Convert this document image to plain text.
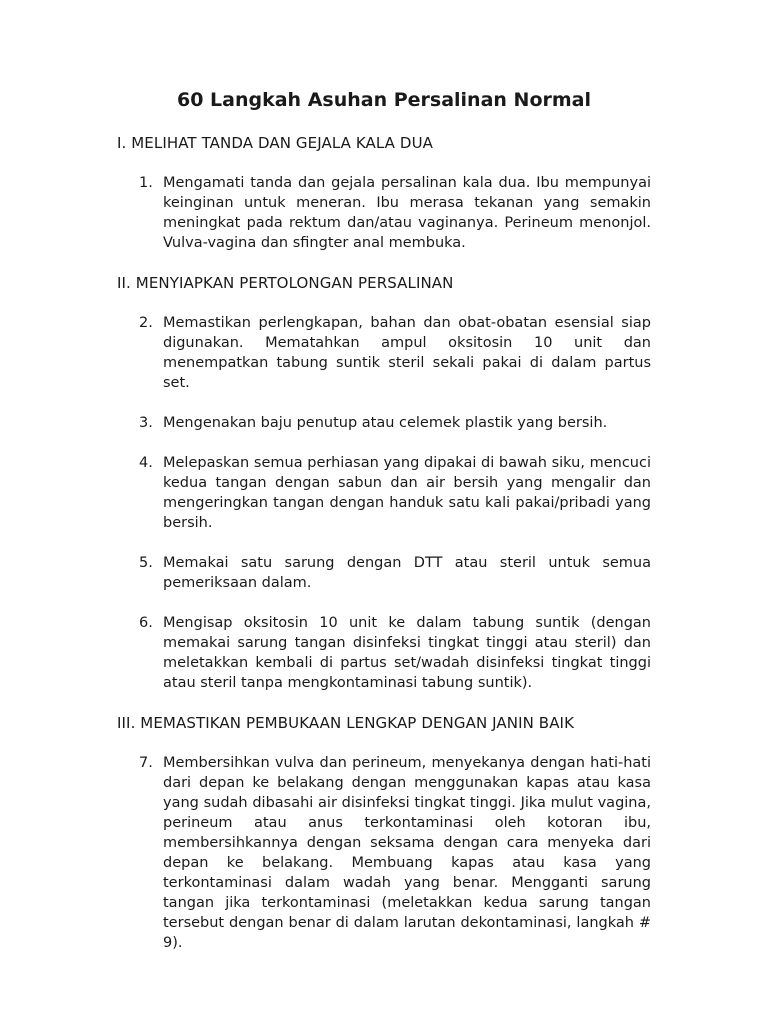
60 Langkah Asuhan Persalinan Normal
I. MELIHAT TANDA DAN GEJALA KALA DUA
1. Mengamati tanda dan gejala persalinan kala dua. Ibu mempunyai keinginan untuk meneran. Ibu merasa tekanan yang semakin meningkat pada rektum dan/atau vaginanya. Perineum menonjol. Vulva-vagina dan sfingter anal membuka.
II. MENYIAPKAN PERTOLONGAN PERSALINAN
2. Memastikan perlengkapan, bahan dan obat-obatan esensial siap digunakan. Mematahkan ampul oksitosin 10 unit dan menempatkan tabung suntik steril sekali pakai di dalam partus set.
3. Mengenakan baju penutup atau celemek plastik yang bersih.
4. Melepaskan semua perhiasan yang dipakai di bawah siku, mencuci kedua tangan dengan sabun dan air bersih yang mengalir dan mengeringkan tangan dengan handuk satu kali pakai/pribadi yang bersih.
5. Memakai satu sarung dengan DTT atau steril untuk semua pemeriksaan dalam.
6. Mengisap oksitosin 10 unit ke dalam tabung suntik (dengan memakai sarung tangan disinfeksi tingkat tinggi atau steril) dan meletakkan kembali di partus set/wadah disinfeksi tingkat tinggi atau steril tanpa mengkontaminasi tabung suntik).
III. MEMASTIKAN PEMBUKAAN LENGKAP DENGAN JANIN BAIK
7. Membersihkan vulva dan perineum, menyekanya dengan hati-hati dari depan ke belakang dengan menggunakan kapas atau kasa yang sudah dibasahi air disinfeksi tingkat tinggi. Jika mulut vagina, perineum atau anus terkontaminasi oleh kotoran ibu, membersihkannya dengan seksama dengan cara menyeka dari depan ke belakang. Membuang kapas atau kasa yang terkontaminasi dalam wadah yang benar. Mengganti sarung tangan jika terkontaminasi (meletakkan kedua sarung tangan tersebut dengan benar di dalam larutan dekontaminasi, langkah # 9).
